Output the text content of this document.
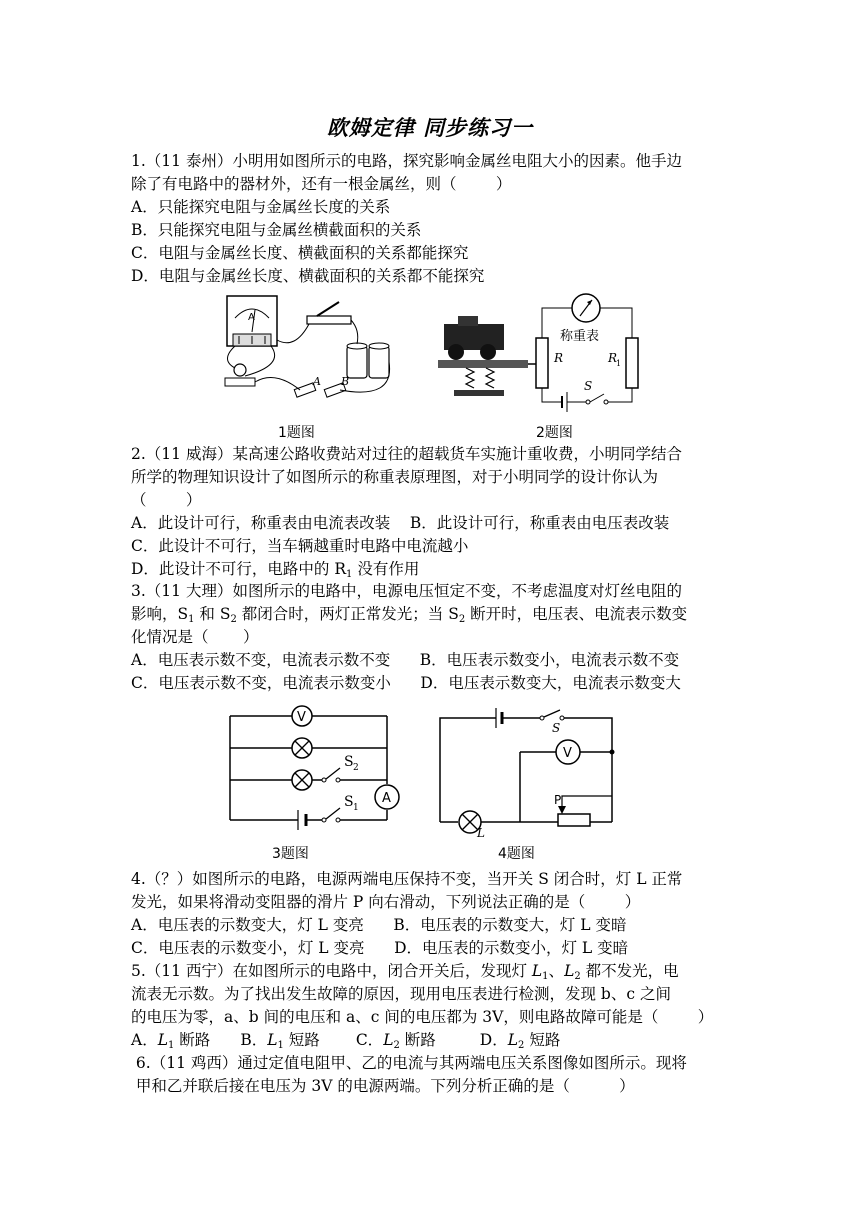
欧姆定律 同步练习一
1.（11 泰州）小明用如图所示的电路，探究影响金属丝电阻大小的因素。他手边
除了有电路中的器材外，还有一根金属丝，则（        ）
A．只能探究电阻与金属丝长度的关系
B．只能探究电阻与金属丝横截面积的关系
C．电阻与金属丝长度、横截面积的关系都能探究
D．电阻与金属丝长度、横截面积的关系都不能探究
A
A B
1题图
R	R
1
称重表
S
2题图
2.（11 威海）某高速公路收费站对过往的超载货车实施计重收费，小明同学结合
所学的物理知识设计了如图所示的称重表原理图，对于小明同学的设计你认为
（        ）
A．此设计可行，称重表由电流表改装    B．此设计可行，称重表由电压表改装
C．此设计不可行，当车辆越重时电路中电流越小
D．此设计不可行，电路中的 $R_1$ 没有作用
3.（11 大理）如图所示的电路中，电源电压恒定不变，不考虑温度对灯丝电阻的
影响，$S_1$ 和 $S_2$ 都闭合时，两灯正常发光；当 $S_2$ 断开时，电压表、电流表示数变
化情况是（       ）
A．电压表示数不变，电流表示数不变      B．电压表示数变小，电流表示数不变
C．电压表示数不变，电流表示数变小      D．电压表示数变大，电流表示数变大
V
S 2
A
S 1
3题图
S
V
P
L
4题图
4.（？）如图所示的电路，电源两端电压保持不变，当开关 S 闭合时，灯 L 正常
发光，如果将滑动变阻器的滑片 P 向右滑动，下列说法正确的是（        ）
A．电压表的示数变大，灯 L 变亮      B．电压表的示数变大，灯 L 变暗
C．电压表的示数变小，灯 L 变亮      D．电压表的示数变小，灯 L 变暗
5.（11 西宁）在如图所示的电路中，闭合开关后，发现灯 $L_1$、$L_2$ 都不发光，电
流表无示数。为了找出发生故障的原因，现用电压表进行检测，发现 b、c 之间
的电压为零，a、b 间的电压和 a、c 间的电压都为 3V，则电路故障可能是（        ）
A．$L_1$ 断路 B．$L_1$ 短路 C．$L_2$ 断路	D．$L_2$ 短路
6.（11 鸡西）通过定值电阻甲、乙的电流与其两端电压关系图像如图所示。现将
甲和乙并联后接在电压为 3V 的电源两端。下列分析正确的是（          ）
